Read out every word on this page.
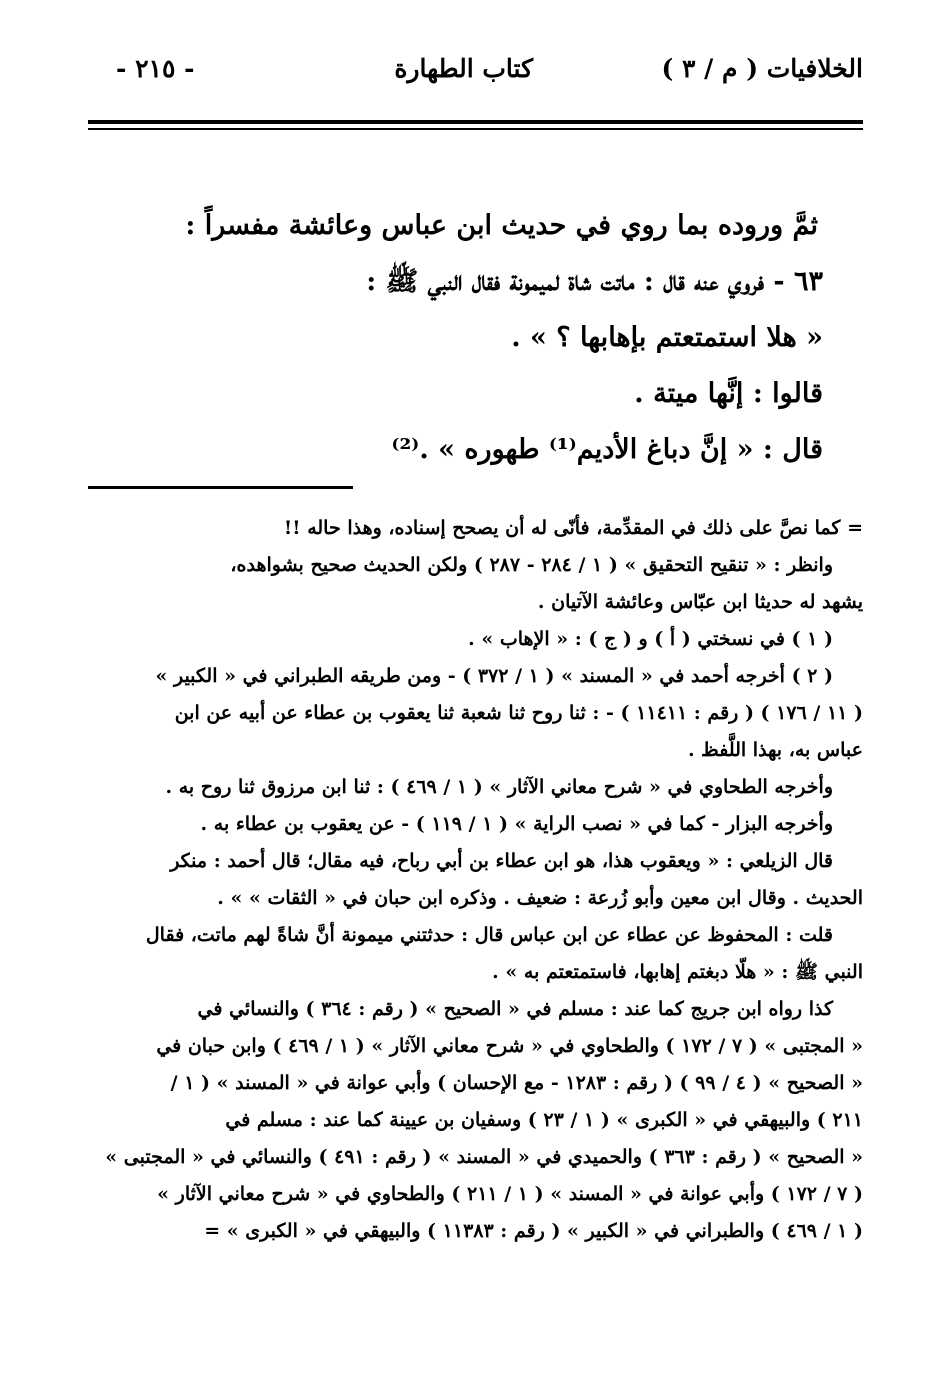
الخلافيات ( م / ٣ )
كتاب الطهارة
- ٢١٥ -

ثمَّ وروده بما روي في حديث ابن عباس وعائشة مفسراً :

٦٣ - فروي عنه قال : ماتت شاة لميمونة فقال النبي ﷺ :

« هلا استمتعتم بإهابها ؟ » .

قالوا : إنَّها ميتة .

قال : « إنَّ دباغ الأديم⁽¹⁾ طهوره » .⁽²⁾

= كما نصَّ على ذلك في المقدِّمة، فأنّى له أن يصحح إسناده، وهذا حاله !!

وانظر : « تنقيح التحقيق » ( ١ / ٢٨٤ - ٢٨٧ ) ولكن الحديث صحيح بشواهده،

يشهد له حديثا ابن عبّاس وعائشة الآتيان .

( ١ ) في نسختي ( أ ) و ( ج ) : « الإهاب » .

( ٢ ) أخرجه أحمد في « المسند » ( ١ / ٣٧٢ ) - ومن طريقه الطبراني في « الكبير »

( ١١ / ١٧٦ ) ( رقم : ١١٤١١ ) - : ثنا روح ثنا شعبة ثنا يعقوب بن عطاء عن أبيه عن ابن

عباس به، بهذا اللَّفظ .

وأخرجه الطحاوي في « شرح معاني الآثار » ( ١ / ٤٦٩ ) : ثنا ابن مرزوق ثنا روح به .

وأخرجه البزار - كما في « نصب الراية » ( ١ / ١١٩ ) - عن يعقوب بن عطاء به .

قال الزيلعي : « ويعقوب هذا، هو ابن عطاء بن أبي رباح، فيه مقال؛ قال أحمد : منكر

الحديث . وقال ابن معين وأبو زُرعة : ضعيف . وذكره ابن حبان في « الثقات » » .

قلت : المحفوظ عن عطاء عن ابن عباس قال : حدثتني ميمونة أنَّ شاةً لهم ماتت، فقال

النبي ﷺ : « هلّا دبغتم إهابها، فاستمتعتم به » .

كذا رواه ابن جريج كما عند : مسلم في « الصحيح » ( رقم : ٣٦٤ ) والنسائي في

« المجتبى » ( ٧ / ١٧٢ ) والطحاوي في « شرح معاني الآثار » ( ١ / ٤٦٩ ) وابن حبان في

« الصحيح » ( ٤ / ٩٩ ) ( رقم : ١٢٨٣ - مع الإحسان ) وأبي عوانة في « المسند » ( ١ /

٢١١ ) والبيهقي في « الكبرى » ( ١ / ٢٣ ) وسفيان بن عيينة كما عند : مسلم في

« الصحيح » ( رقم : ٣٦٣ ) والحميدي في « المسند » ( رقم : ٤٩١ ) والنسائي في « المجتبى »

( ٧ / ١٧٢ ) وأبي عوانة في « المسند » ( ١ / ٢١١ ) والطحاوي في « شرح معاني الآثار »

( ١ / ٤٦٩ ) والطبراني في « الكبير » ( رقم : ١١٣٨٣ ) والبيهقي في « الكبرى » =
